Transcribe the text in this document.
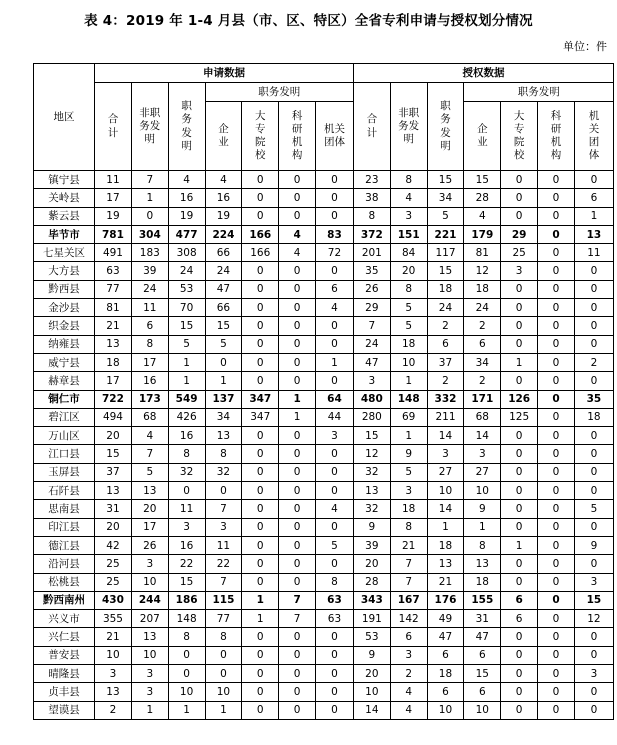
表 4：2019 年 1-4 月县（市、区、特区）全省专利申请与授权划分情况
单位：件
地区	申请数据							授权数据						
	合计	非职务发明	职务发明	职务发明				合计	非职务发明	职务发明	职务发明			
				企业	大专院校	科研机构	机关团体				企业	大专院校	科研机构	机关团体
镇宁县	11	7	4	4	0	0	0	23	8	15	15	0	0	0
关岭县	17	1	16	16	0	0	0	38	4	34	28	0	0	6
紫云县	19	0	19	19	0	0	0	8	3	5	4	0	0	1
毕节市	781	304	477	224	166	4	83	372	151	221	179	29	0	13
七星关区	491	183	308	66	166	4	72	201	84	117	81	25	0	11
大方县	63	39	24	24	0	0	0	35	20	15	12	3	0	0
黔西县	77	24	53	47	0	0	6	26	8	18	18	0	0	0
金沙县	81	11	70	66	0	0	4	29	5	24	24	0	0	0
织金县	21	6	15	15	0	0	0	7	5	2	2	0	0	0
纳雍县	13	8	5	5	0	0	0	24	18	6	6	0	0	0
威宁县	18	17	1	0	0	0	1	47	10	37	34	1	0	2
赫章县	17	16	1	1	0	0	0	3	1	2	2	0	0	0
铜仁市	722	173	549	137	347	1	64	480	148	332	171	126	0	35
碧江区	494	68	426	34	347	1	44	280	69	211	68	125	0	18
万山区	20	4	16	13	0	0	3	15	1	14	14	0	0	0
江口县	15	7	8	8	0	0	0	12	9	3	3	0	0	0
玉屏县	37	5	32	32	0	0	0	32	5	27	27	0	0	0
石阡县	13	13	0	0	0	0	0	13	3	10	10	0	0	0
思南县	31	20	11	7	0	0	4	32	18	14	9	0	0	5
印江县	20	17	3	3	0	0	0	9	8	1	1	0	0	0
德江县	42	26	16	11	0	0	5	39	21	18	8	1	0	9
沿河县	25	3	22	22	0	0	0	20	7	13	13	0	0	0
松桃县	25	10	15	7	0	0	8	28	7	21	18	0	0	3
黔西南州	430	244	186	115	1	7	63	343	167	176	155	6	0	15
兴义市	355	207	148	77	1	7	63	191	142	49	31	6	0	12
兴仁县	21	13	8	8	0	0	0	53	6	47	47	0	0	0
普安县	10	10	0	0	0	0	0	9	3	6	6	0	0	0
晴隆县	3	3	0	0	0	0	0	20	2	18	15	0	0	3
贞丰县	13	3	10	10	0	0	0	10	4	6	6	0	0	0
望谟县	2	1	1	1	0	0	0	14	4	10	10	0	0	0
